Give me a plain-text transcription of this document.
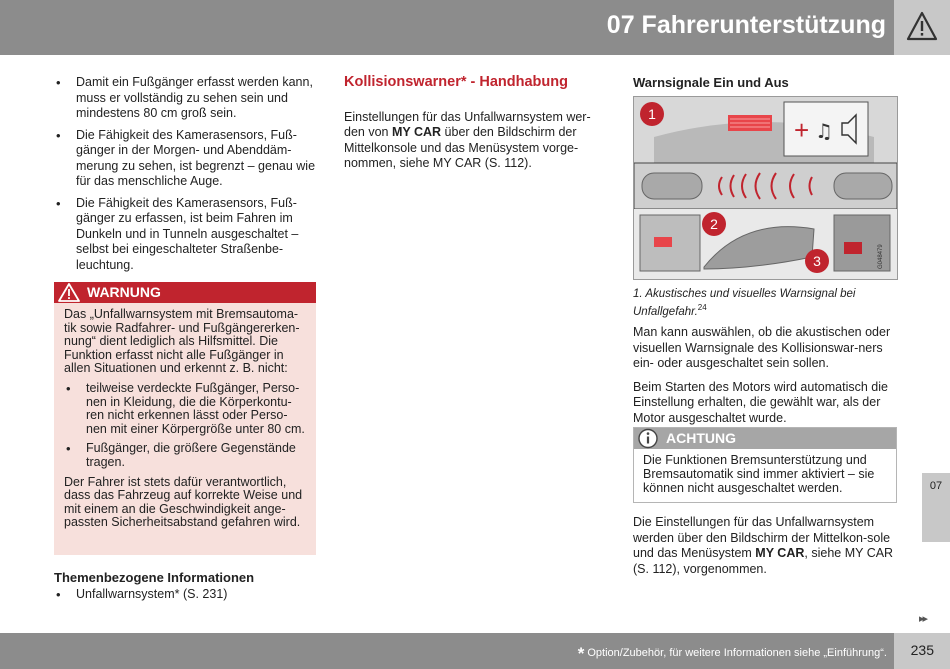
07 Fahrerunterstützung
• Damit ein Fußgänger erfasst werden kann, muss er vollständig zu sehen sein und mindestens 80 cm groß sein.
• Die Fähigkeit des Kamerasensors, Fuß-gänger in der Morgen- und Abenddäm-merung zu sehen, ist begrenzt – genau wie für das menschliche Auge.
• Die Fähigkeit des Kamerasensors, Fuß-gänger zu erfassen, ist beim Fahren im Dunkeln und in Tunneln ausgeschaltet – selbst bei eingeschalteter Straßenbe-leuchtung.
WARNUNG

Das „Unfallwarnsystem mit Bremsautoma-tik sowie Radfahrer- und Fußgängererken-nung“ dient lediglich als Hilfsmittel. Die Funktion erfasst nicht alle Fußgänger in allen Situationen und erkennt z. B. nicht:

• teilweise verdeckte Fußgänger, Perso-nen in Kleidung, die die Körperkontu-ren nicht erkennen lässt oder Perso-nen mit einer Körpergröße unter 80 cm.
• Fußgänger, die größere Gegenstände tragen.

Der Fahrer ist stets dafür verantwortlich, dass das Fahrzeug auf korrekte Weise und mit einem an die Geschwindigkeit ange-passten Sicherheitsabstand gefahren wird.

Themenbezogene Informationen
• Unfallwarnsystem* (S. 231)
Kollisionswarner* - Handhabung

Einstellungen für das Unfallwarnsystem wer-den von MY CAR über den Bildschirm der Mittelkonsole und das Menüsystem vorge-nommen, siehe MY CAR (S. 112).

Warnsignale Ein und Aus
+ ♫
G048479
1
2
3

1. Akustisches und visuelles Warnsignal bei Unfallgefahr.$^{24}$

Man kann auswählen, ob die akustischen oder visuellen Warnsignale des Kollisionswar-ners ein- oder ausgeschaltet sein sollen.

Beim Starten des Motors wird automatisch die Einstellung erhalten, die gewählt war, als der Motor ausgeschaltet wurde.

ACHTUNG
Die Funktionen Bremsunterstützung und Bremsautomatik sind immer aktiviert – sie können nicht ausgeschaltet werden.

Die Einstellungen für das Unfallwarnsystem werden über den Bildschirm der Mittelkon-sole und das Menüsystem MY CAR, siehe MY CAR (S. 112), vorgenommen.

07
▸▸
* Option/Zubehör, für weitere Informationen siehe „Einführung“. 235
